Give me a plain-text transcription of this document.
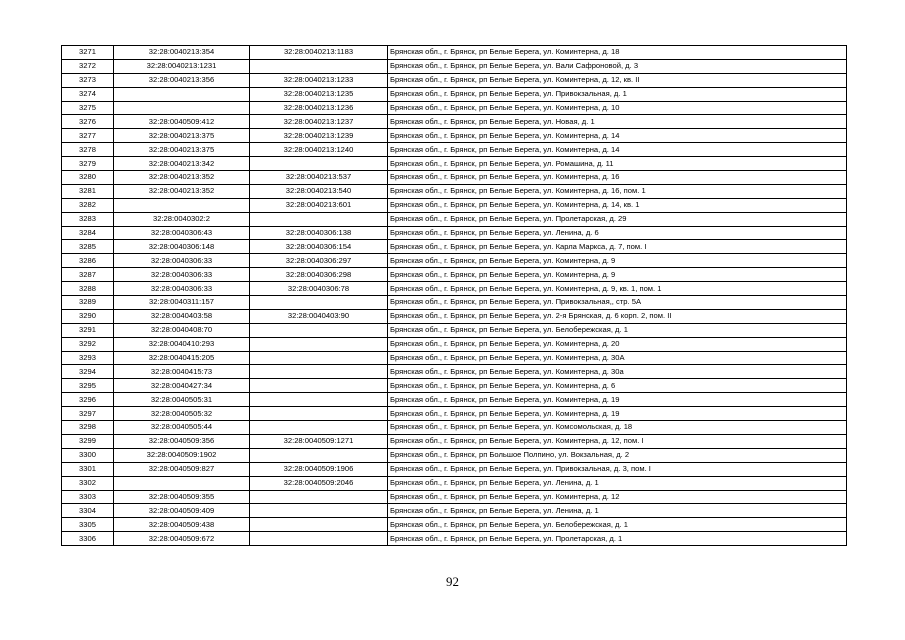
3271	32:28:0040213:354	32:28:0040213:1183	Брянская обл., г. Брянск, рп Белые Берега, ул. Коминтерна, д. 18
3272	32:28:0040213:1231		Брянская обл., г. Брянск, рп Белые Берега, ул. Вали Сафроновой, д. 3
3273	32:28:0040213:356	32:28:0040213:1233	Брянская обл., г. Брянск, рп Белые Берега, ул. Коминтерна, д. 12, кв. II
3274		32:28:0040213:1235	Брянская обл., г. Брянск, рп Белые Берега, ул. Привокзальная, д. 1
3275		32:28:0040213:1236	Брянская обл., г. Брянск, рп Белые Берега, ул. Коминтерна, д. 10
3276	32:28:0040509:412	32:28:0040213:1237	Брянская обл., г. Брянск, рп Белые Берега, ул. Новая, д. 1
3277	32:28:0040213:375	32:28:0040213:1239	Брянская обл., г. Брянск, рп Белые Берега, ул. Коминтерна, д. 14
3278	32:28:0040213:375	32:28:0040213:1240	Брянская обл., г. Брянск, рп Белые Берега, ул. Коминтерна, д. 14
3279	32:28:0040213:342		Брянская обл., г. Брянск, рп Белые Берега, ул. Ромашина, д. 11
3280	32:28:0040213:352	32:28:0040213:537	Брянская обл., г. Брянск, рп Белые Берега, ул. Коминтерна, д. 16
3281	32:28:0040213:352	32:28:0040213:540	Брянская обл., г. Брянск, рп Белые Берега, ул. Коминтерна, д. 16, пом. 1
3282		32:28:0040213:601	Брянская обл., г. Брянск, рп Белые Берега, ул. Коминтерна, д. 14, кв. 1
3283	32:28:0040302:2		Брянская обл., г. Брянск, рп Белые Берега, ул. Пролетарская, д. 29
3284	32:28:0040306:43	32:28:0040306:138	Брянская обл., г. Брянск, рп Белые Берега, ул. Ленина, д. 6
3285	32:28:0040306:148	32:28:0040306:154	Брянская обл., г. Брянск, рп Белые Берега, ул. Карла Маркса, д. 7, пом. I
3286	32:28:0040306:33	32:28:0040306:297	Брянская обл., г. Брянск, рп Белые Берега, ул. Коминтерна, д. 9
3287	32:28:0040306:33	32:28:0040306:298	Брянская обл., г. Брянск, рп Белые Берега, ул. Коминтерна, д. 9
3288	32:28:0040306:33	32:28:0040306:78	Брянская обл., г. Брянск, рп Белые Берега, ул. Коминтерна, д. 9, кв. 1, пом. 1
3289	32:28:0040311:157		Брянская обл., г. Брянск, рп Белые Берега, ул. Привокзальная,, стр. 5А
3290	32:28:0040403:58	32:28:0040403:90	Брянская обл., г. Брянск, рп Белые Берега, ул. 2-я Брянская, д. 6 корп. 2, пом. II
3291	32:28:0040408:70		Брянская обл., г. Брянск, рп Белые Берега, ул. Белобережская, д. 1
3292	32:28:0040410:293		Брянская обл., г. Брянск, рп Белые Берега, ул. Коминтерна, д. 20
3293	32:28:0040415:205		Брянская обл., г. Брянск, рп Белые Берега, ул. Коминтерна, д. 30А
3294	32:28:0040415:73		Брянская обл., г. Брянск, рп Белые Берега, ул. Коминтерна, д. 30а
3295	32:28:0040427:34		Брянская обл., г. Брянск, рп Белые Берега, ул. Коминтерна, д. 6
3296	32:28:0040505:31		Брянская обл., г. Брянск, рп Белые Берега, ул. Коминтерна, д. 19
3297	32:28:0040505:32		Брянская обл., г. Брянск, рп Белые Берега, ул. Коминтерна, д. 19
3298	32:28:0040505:44		Брянская обл., г. Брянск, рп Белые Берега, ул. Комсомольская, д. 18
3299	32:28:0040509:356	32:28:0040509:1271	Брянская обл., г. Брянск, рп Белые Берега, ул. Коминтерна, д. 12, пом. I
3300	32:28:0040509:1902		Брянская обл., г. Брянск, рп Большое Полпино, ул. Вокзальная, д. 2
3301	32:28:0040509:827	32:28:0040509:1906	Брянская обл., г. Брянск, рп Белые Берега, ул. Привокзальная, д. 3, пом. I
3302		32:28:0040509:2046	Брянская обл., г. Брянск, рп Белые Берега, ул. Ленина, д. 1
3303	32:28:0040509:355		Брянская обл., г. Брянск, рп Белые Берега, ул. Коминтерна, д. 12
3304	32:28:0040509:409		Брянская обл., г. Брянск, рп Белые Берега, ул. Ленина, д. 1
3305	32:28:0040509:438		Брянская обл., г. Брянск, рп Белые Берега, ул. Белобережская, д. 1
3306	32:28:0040509:672		Брянская обл., г. Брянск, рп Белые Берега, ул. Пролетарская, д. 1
92
